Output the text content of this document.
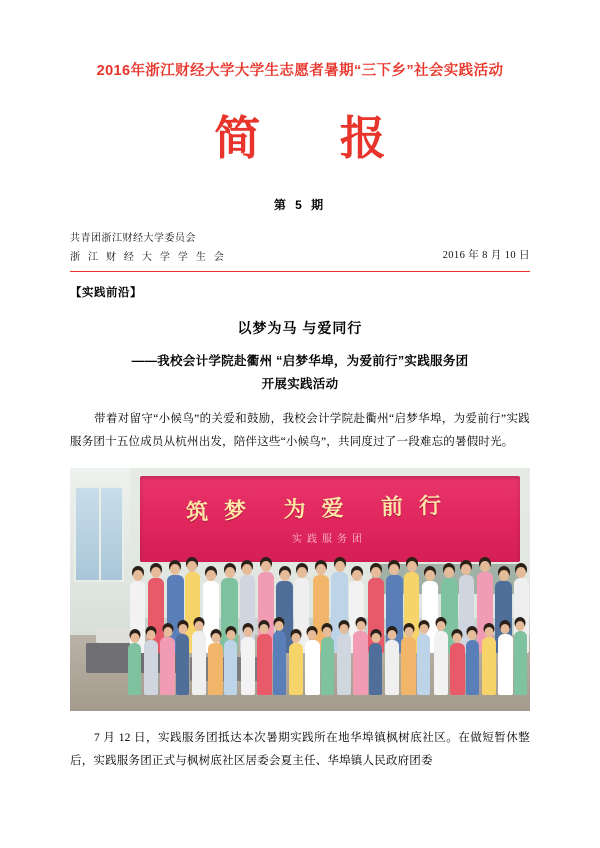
2016年浙江财经大学大学生志愿者暑期“三下乡”社会实践活动
简 报
第 5 期
共青团浙江财经大学委员会
浙 江 财 经 大 学 学 生 会	2016 年 8 月 10 日
【实践前沿】
以梦为马 与爱同行
——我校会计学院赴衢州 “启梦华埠，为爱前行”实践服务团
开展实践活动
带着对留守“小候鸟”的关爱和鼓励，我校会计学院赴衢州“启梦华埠，为爱前行”实践服务团十五位成员从杭州出发，陪伴这些“小候鸟”，共同度过了一段难忘的暑假时光。
筑梦 为爱 前行
实践服务团
7 月 12 日，实践服务团抵达本次暑期实践所在地华埠镇枫树底社区。在做短暂休整后，实践服务团正式与枫树底社区居委会夏主任、华埠镇人民政府团委
